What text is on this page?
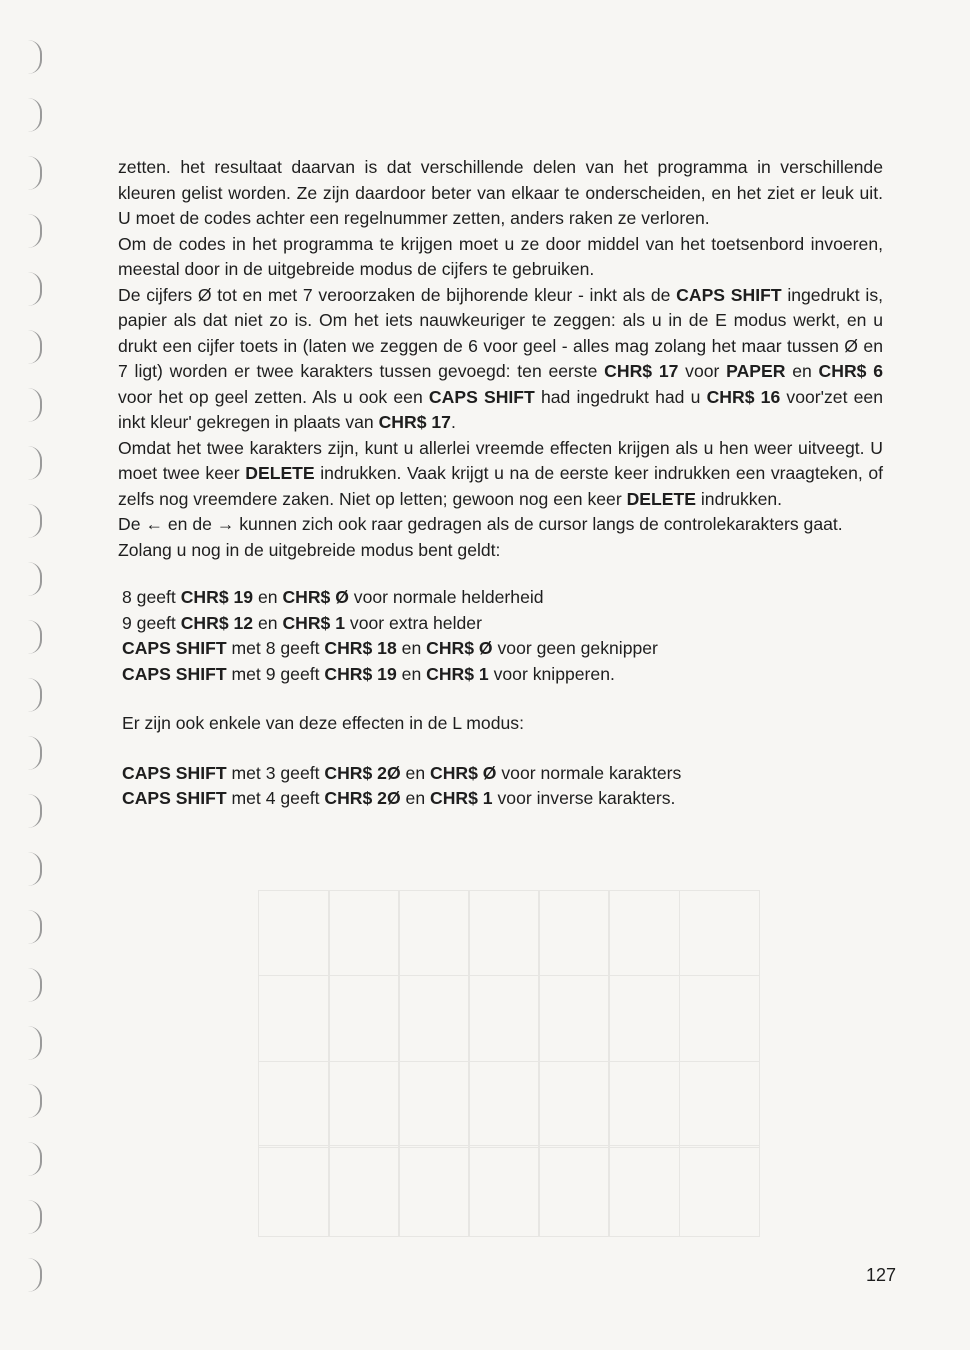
zetten. het resultaat daarvan is dat verschillende delen van het programma in verschillende kleuren gelist worden. Ze zijn daardoor beter van elkaar te onderscheiden, en het ziet er leuk uit. U moet de codes achter een regelnummer zetten, anders raken ze verloren.

Om de codes in het programma te krijgen moet u ze door middel van het toetsenbord invoeren, meestal door in de uitgebreide modus de cijfers te gebruiken.

De cijfers Ø tot en met 7 veroorzaken de bijhorende kleur - inkt als de CAPS SHIFT ingedrukt is, papier als dat niet zo is. Om het iets nauwkeuriger te zeggen: als u in de E modus werkt, en u drukt een cijfer toets in (laten we zeggen de 6 voor geel - alles mag zolang het maar tussen Ø en 7 ligt) worden er twee karakters tussen gevoegd: ten eerste CHR$ 17 voor PAPER en CHR$ 6 voor het op geel zetten. Als u ook een CAPS SHIFT had ingedrukt had u CHR$ 16 voor'zet een inkt kleur' gekregen in plaats van CHR$ 17.

Omdat het twee karakters zijn, kunt u allerlei vreemde effecten krijgen als u hen weer uitveegt. U moet twee keer DELETE indrukken. Vaak krijgt u na de eerste keer indrukken een vraagteken, of zelfs nog vreemdere zaken. Niet op letten; gewoon nog een keer DELETE indrukken.

De ← en de → kunnen zich ook raar gedragen als de cursor langs de controlekarakters gaat.

Zolang u nog in de uitgebreide modus bent geldt:

8 geeft CHR$ 19 en CHR$ Ø voor normale helderheid

9 geeft CHR$ 12 en CHR$ 1 voor extra helder

CAPS SHIFT met 8 geeft CHR$ 18 en CHR$ Ø voor geen geknipper

CAPS SHIFT met 9 geeft CHR$ 19 en CHR$ 1 voor knipperen.

Er zijn ook enkele van deze effecten in de L modus:

CAPS SHIFT met 3 geeft CHR$ 2Ø en CHR$ Ø voor normale karakters

CAPS SHIFT met 4 geeft CHR$ 2Ø en CHR$ 1 voor inverse karakters.

127
